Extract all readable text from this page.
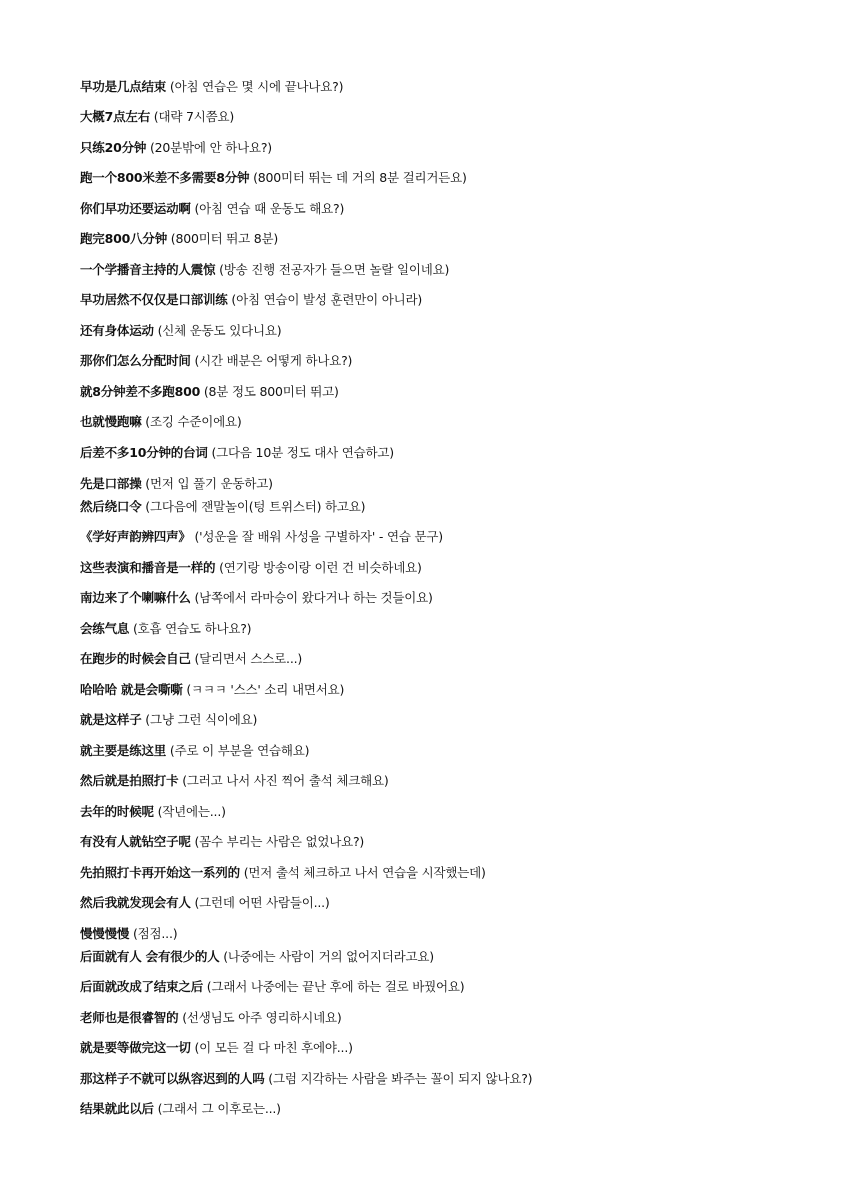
早功是几点结束 (아침 연습은 몇 시에 끝나나요?)
大概7点左右 (대략 7시쯤요)
只练20分钟 (20분밖에 안 하나요?)
跑一个800米差不多需要8分钟 (800미터 뛰는 데 거의 8분 걸리거든요)
你们早功还要运动啊 (아침 연습 때 운동도 해요?)
跑完800八分钟 (800미터 뛰고 8분)
一个学播音主持的人震惊 (방송 진행 전공자가 들으면 놀랄 일이네요)
早功居然不仅仅是口部训练 (아침 연습이 발성 훈련만이 아니라)
还有身体运动 (신체 운동도 있다니요)
那你们怎么分配时间 (시간 배분은 어떻게 하나요?)
就8分钟差不多跑800 (8분 정도 800미터 뛰고)
也就慢跑嘛 (조깅 수준이에요)
后差不多10分钟的台词 (그다음 10분 정도 대사 연습하고)
先是口部操 (먼저 입 풀기 운동하고)
然后绕口令 (그다음에 잰말놀이(텅 트위스터) 하고요)
《学好声韵辨四声》 ('성운을 잘 배워 사성을 구별하자' - 연습 문구)
这些表演和播音是一样的 (연기랑 방송이랑 이런 건 비슷하네요)
南边来了个喇嘛什么 (남쪽에서 라마승이 왔다거나 하는 것들이요)
会练气息 (호흡 연습도 하나요?)
在跑步的时候会自己 (달리면서 스스로...)
哈哈哈 就是会嘶嘶 (ㅋㅋㅋ '스스' 소리 내면서요)
就是这样子 (그냥 그런 식이에요)
就主要是练这里 (주로 이 부분을 연습해요)
然后就是拍照打卡 (그러고 나서 사진 찍어 출석 체크해요)
去年的时候呢 (작년에는...)
有没有人就钻空子呢 (꼼수 부리는 사람은 없었나요?)
先拍照打卡再开始这一系列的 (먼저 출석 체크하고 나서 연습을 시작했는데)
然后我就发现会有人 (그런데 어떤 사람들이...)
慢慢慢慢 (점점...)
后面就有人 会有很少的人 (나중에는 사람이 거의 없어지더라고요)
后面就改成了结束之后 (그래서 나중에는 끝난 후에 하는 걸로 바꿨어요)
老师也是很睿智的 (선생님도 아주 영리하시네요)
就是要等做完这一切 (이 모든 걸 다 마친 후에야...)
那这样子不就可以纵容迟到的人吗 (그럼 지각하는 사람을 봐주는 꼴이 되지 않나요?)
结果就此以后 (그래서 그 이후로는...)
